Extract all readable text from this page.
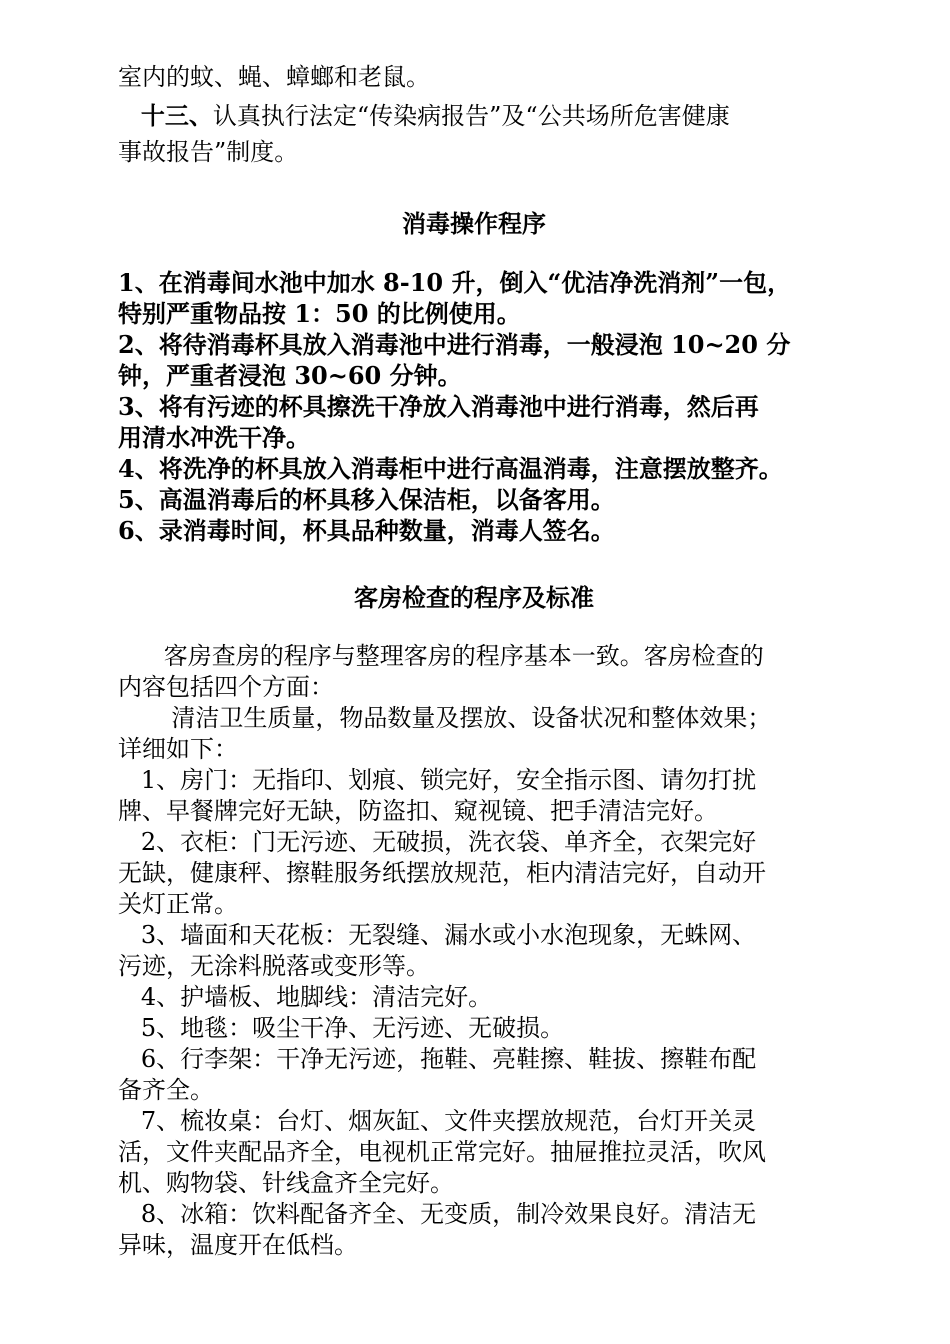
室内的蚊、蝇、蟑螂和老鼠。

十三、认真执行法定“传染病报告”及“公共场所危害健康

事故报告”制度。

消毒操作程序

1、在消毒间水池中加水 8-10 升，倒入“优洁净洗消剂”一包，

特别严重物品按 1：50 的比例使用。

2、将待消毒杯具放入消毒池中进行消毒，一般浸泡 10~20 分

钟，严重者浸泡 30~60 分钟。

3、将有污迹的杯具擦洗干净放入消毒池中进行消毒，然后再

用清水冲洗干净。

4、将洗净的杯具放入消毒柜中进行高温消毒，注意摆放整齐。

5、高温消毒后的杯具移入保洁柜，以备客用。

6、录消毒时间，杯具品种数量，消毒人签名。

客房检查的程序及标准

客房查房的程序与整理客房的程序基本一致。客房检查的

内容包括四个方面：

清洁卫生质量，物品数量及摆放、设备状况和整体效果；

详细如下：

1、房门：无指印、划痕、锁完好，安全指示图、请勿打扰

牌、早餐牌完好无缺，防盗扣、窥视镜、把手清洁完好。

2、衣柜：门无污迹、无破损，洗衣袋、单齐全，衣架完好

无缺，健康秤、擦鞋服务纸摆放规范，柜内清洁完好，自动开

关灯正常。

3、墙面和天花板：无裂缝、漏水或小水泡现象，无蛛网、

污迹，无涂料脱落或变形等。

4、护墙板、地脚线：清洁完好。

5、地毯：吸尘干净、无污迹、无破损。

6、行李架：干净无污迹，拖鞋、亮鞋擦、鞋拔、擦鞋布配

备齐全。

7、梳妆桌：台灯、烟灰缸、文件夹摆放规范，台灯开关灵

活，文件夹配品齐全，电视机正常完好。抽屉推拉灵活，吹风

机、购物袋、针线盒齐全完好。

8、冰箱：饮料配备齐全、无变质，制冷效果良好。清洁无

异味，温度开在低档。
